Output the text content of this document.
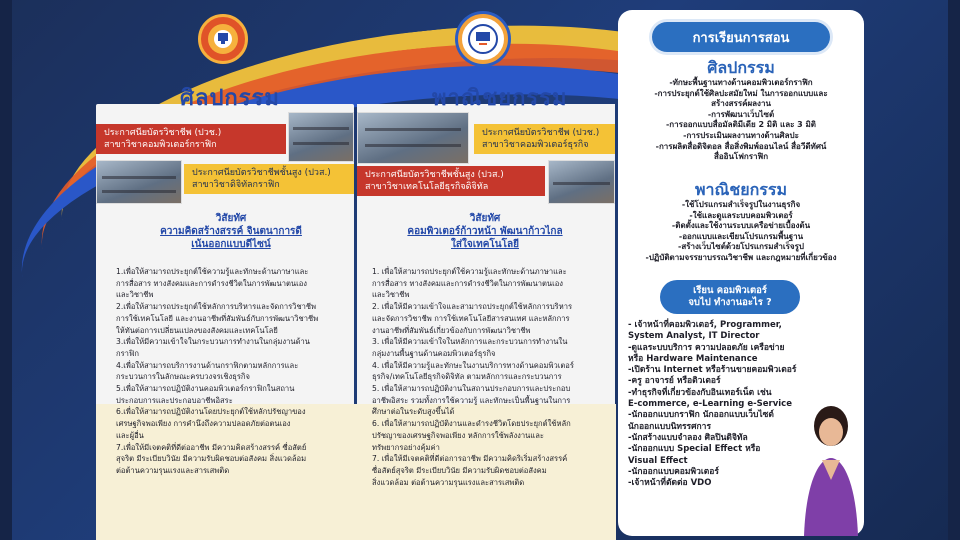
ศิลปกรรม	พาณิชยกรรม
ประกาศนียบัตรวิชาชีพ (ปวช.)
สาขาวิชาคอมพิวเตอร์กราฟิก
ประกาศนียบัตรวิชาชีพชั้นสูง (ปวส.)
สาขาวิชาดิจิทัลกราฟิก
ประกาศนียบัตรวิชาชีพ (ปวช.)
สาขาวิชาคอมพิวเตอร์ธุรกิจ
ประกาศนียบัตรวิชาชีพชั้นสูง (ปวส.)
สาขาวิชาเทคโนโลยีธุรกิจดิจิทัล
วิสัยทัศ
ความคิดสร้างสรรค์ จินตนาการดี
เน้นออกแบบดีไซน์
วิสัยทัศ
คอมพิวเตอร์ก้าวหน้า พัฒนาก้าวไกล
ใส่ใจเทคโนโลยี
1.เพื่อให้สามารถประยุกต์ใช้ความรู้และทักษะด้านภาษาและ
การสื่อสาร ทางสังคมและการดำรงชีวิตในการพัฒนาตนเอง
และวิชาชีพ
2.เพื่อให้สามารถประยุกต์ใช้หลักการบริหารและจัดการวิชาชีพ
การใช้เทคโนโลยี และงานอาชีพที่สัมพันธ์กับการพัฒนาวิชาชีพ
ให้ทันต่อการเปลี่ยนแปลงของสังคมและเทคโนโลยี
3.เพื่อให้มีความเข้าใจในกระบวนการทำงานในกลุ่มงานด้าน
กราฟิก
4.เพื่อให้สามารถบริการงานด้านกราฟิกตามหลักการและ
กระบวนการในลักษณะครบวงจรเชิงธุรกิจ
5.เพื่อให้สามารถปฏิบัติงานคอมพิวเตอร์กราฟิกในสถาน
ประกอบการและประกอบอาชีพอิสระ
6.เพื่อให้สามารถปฏิบัติงานโดยประยุกต์ใช้หลักปรัชญาของ
เศรษฐกิจพอเพียง การคำนึงถึงความปลอดภัยต่อตนเอง
และผู้อื่น
7.เพื่อให้มีเจตคติที่ดีต่ออาชีพ มีความคิดสร้างสรรค์ ซื่อสัตย์
สุจริต มีระเบียบวินัย มีความรับผิดชอบต่อสังคม สิ่งแวดล้อม
ต่อต้านความรุนแรงและสารเสพติด
1. เพื่อให้สามารถประยุกต์ใช้ความรู้และทักษะด้านภาษาและ
การสื่อสาร ทางสังคมและการดำรงชีวิตในการพัฒนาตนเอง
และวิชาชีพ
2. เพื่อให้มีความเข้าใจและสามารถประยุกต์ใช้หลักการบริหาร
และจัดการวิชาชีพ การใช้เทคโนโลยีสารสนเทศ และหลักการ
งานอาชีพที่สัมพันธ์เกี่ยวข้องกับการพัฒนาวิชาชีพ
3. เพื่อให้มีความเข้าใจในหลักการและกระบวนการทำงานใน
กลุ่มงานพื้นฐานด้านคอมพิวเตอร์ธุรกิจ
4. เพื่อให้มีความรู้และทักษะในงานบริการทางด้านคอมพิวเตอร์
ธุรกิจ/เทคโนโลยีธุรกิจดิจิทัล ตามหลักการและกระบวนการ
5. เพื่อให้สามารถปฏิบัติงานในสถานประกอบการและประกอบ
อาชีพอิสระ รวมทั้งการใช้ความรู้ และทักษะเป็นพื้นฐานในการ
ศึกษาต่อในระดับสูงขึ้นได้
6. เพื่อให้สามารถปฏิบัติงานและดำรงชีวิตโดยประยุกต์ใช้หลัก
ปรัชญาของเศรษฐกิจพอเพียง หลักการใช้พลังงานและ
ทรัพยากรอย่างคุ้มค่า
7. เพื่อให้มีเจตคติที่ดีต่อการอาชีพ มีความคิดริเริ่มสร้างสรรค์
ซื่อสัตย์สุจริต มีระเบียบวินัย มีความรับผิดชอบต่อสังคม
สิ่งแวดล้อม ต่อต้านความรุนแรงและสารเสพติด
การเรียนการสอน
ศิลปกรรม
-ทักษะพื้นฐานทางด้านคอมพิวเตอร์กราฟิก
-การประยุกต์ใช้ศิลปะสมัยใหม่ ในการออกแบบและ
สร้างสรรค์ผลงาน
-การพัฒนาเว็บไซต์
-การออกแบบสื่อมัลติมีเดีย 2 มิติ และ 3 มิติ
-การประเมินผลงานทางด้านศิลปะ
-การผลิตสื่อดิจิตอล สื่อสิ่งพิมพ์ออนไลน์ สื่อวีดีทัศน์
สื่ออินโฟกราฟิก
พาณิชยกรรม
-ใช้โปรแกรมสำเร็จรูปในงานธุรกิจ
-ใช้และดูแลระบบคอมพิวเตอร์
-ติดตั้งและใช้งานระบบเครือข่ายเบื้องต้น
-ออกแบบและเขียนโปรแกรมพื้นฐาน
-สร้างเว็บไซต์ด้วยโปรแกรมสำเร็จรูป
-ปฏิบัติตามจรรยาบรรณวิชาชีพ และกฎหมายที่เกี่ยวข้อง
เรียน คอมพิวเตอร์
จบไป ทำงานอะไร ?
- เจ้าหน้าที่คอมพิวเตอร์, Programmer,
System Analyst, IT Director
-ดูแลระบบบริการ ความปลอดภัย เครือข่าย
หรือ Hardware Maintenance
-เปิดร้าน Internet หรือร้านขายคอมพิวเตอร์
-ครู อาจารย์ หรือติวเตอร์
-ทำธุรกิจที่เกี่ยวข้องกับอินเทอร์เน็ต เช่น
E-commerce, e-Learning e-Service
-นักออกแบบกราฟิก นักออกแบบเว็บไซต์
นักออกแบบนิทรรศการ
-นักสร้างแบบจำลอง ศิลปินดิจิทัล
-นักออกแบบ Special Effect หรือ
Visual Effect
-นักออกแบบคอมพิวเตอร์
-เจ้าหน้าที่ตัดต่อ VDO
